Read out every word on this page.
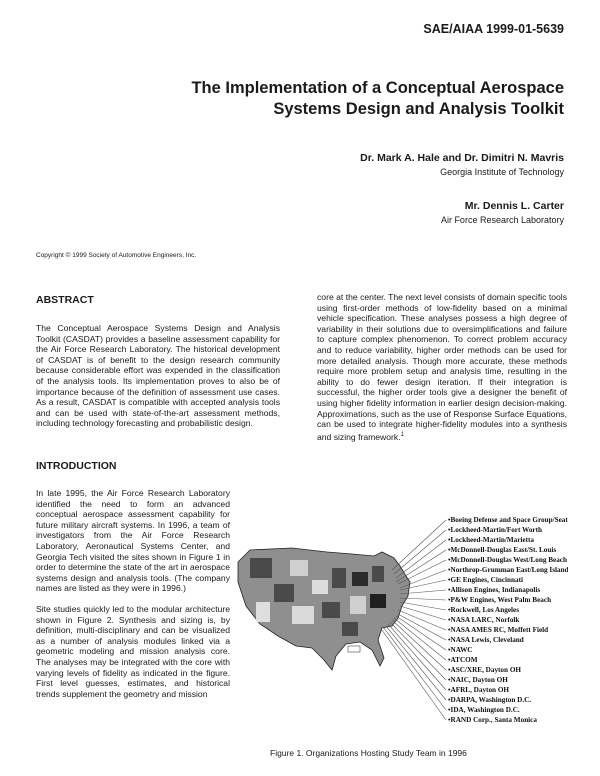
SAE/AIAA 1999-01-5639
The Implementation of a Conceptual Aerospace
Systems Design and Analysis Toolkit
Dr. Mark A. Hale and Dr. Dimitri N. Mavris
Georgia Institute of Technology
Mr. Dennis L. Carter
Air Force Research Laboratory
Copyright © 1999 Society of Automotive Engineers, Inc.
ABSTRACT
The Conceptual Aerospace Systems Design and Analysis Toolkit (CASDAT) provides a baseline assessment capability for the Air Force Research Laboratory. The historical development of CASDAT is of benefit to the design research community because considerable effort was expended in the classification of the analysis tools. Its implementation proves to also be of importance because of the definition of assessment use cases. As a result, CASDAT is compatible with accepted analysis tools and can be used with state-of-the-art assessment methods, including technology forecasting and probabilistic design.
core at the center. The next level consists of domain specific tools using first-order methods of low-fidelity based on a minimal vehicle specification. These analyses possess a high degree of variability in their solutions due to oversimplifications and failure to capture complex phenomenon. To correct problem accuracy and to reduce variability, higher order methods can be used for more detailed analysis. Though more accurate, these methods require more problem setup and analysis time, resulting in the ability to do fewer design iteration. If their integration is successful, the higher order tools give a designer the benefit of using higher fidelity information in earlier design decision-making. Approximations, such as the use of Response Surface Equations, can be used to integrate higher-fidelity modules into a synthesis and sizing framework.$^1$
INTRODUCTION
In late 1995, the Air Force Research Laboratory identified the need to form an advanced conceptual aerospace assessment capability for future military aircraft systems. In 1996, a team of investigators from the Air Force Research Laboratory, Aeronautical Systems Center, and Georgia Tech visited the sites shown in Figure 1 in order to determine the state of the art in aerospace systems design and analysis tools. (The company names are listed as they were in 1996.)
Site studies quickly led to the modular architecture shown in Figure 2. Synthesis and sizing is, by definition, multi-disciplinary and can be visualized as a number of analysis modules linked via a geometric modeling and mission analysis core. The analyses may be integrated with the core with varying levels of fidelity as indicated in the figure. First level guesses, estimates, and historical trends supplement the geometry and mission
•Boeing Defense and Space Group/Seattle
•Lockheed-Martin/Fort Worth
•Lockheed-Martin/Marietta
•McDonnell-Douglas East/St. Louis
•McDonnell-Douglas West/Long Beach
•Northrop-Grumman East/Long Island
•GE Engines, Cincinnati
•Allison Engines, Indianapolis
•P&W Engines, West Palm Beach
•Rockwell, Los Angeles
•NASA LARC, Norfolk
•NASA AMES RC, Moffett Field
•NASA Lewis, Cleveland
•NAWC
•ATCOM
•ASC/XRE, Dayton OH
•NAIC, Dayton OH
•AFRL, Dayton OH
•DARPA, Washington D.C.
•IDA, Washington D.C.
•RAND Corp., Santa Monica
Figure 1. Organizations Hosting Study Team in 1996
